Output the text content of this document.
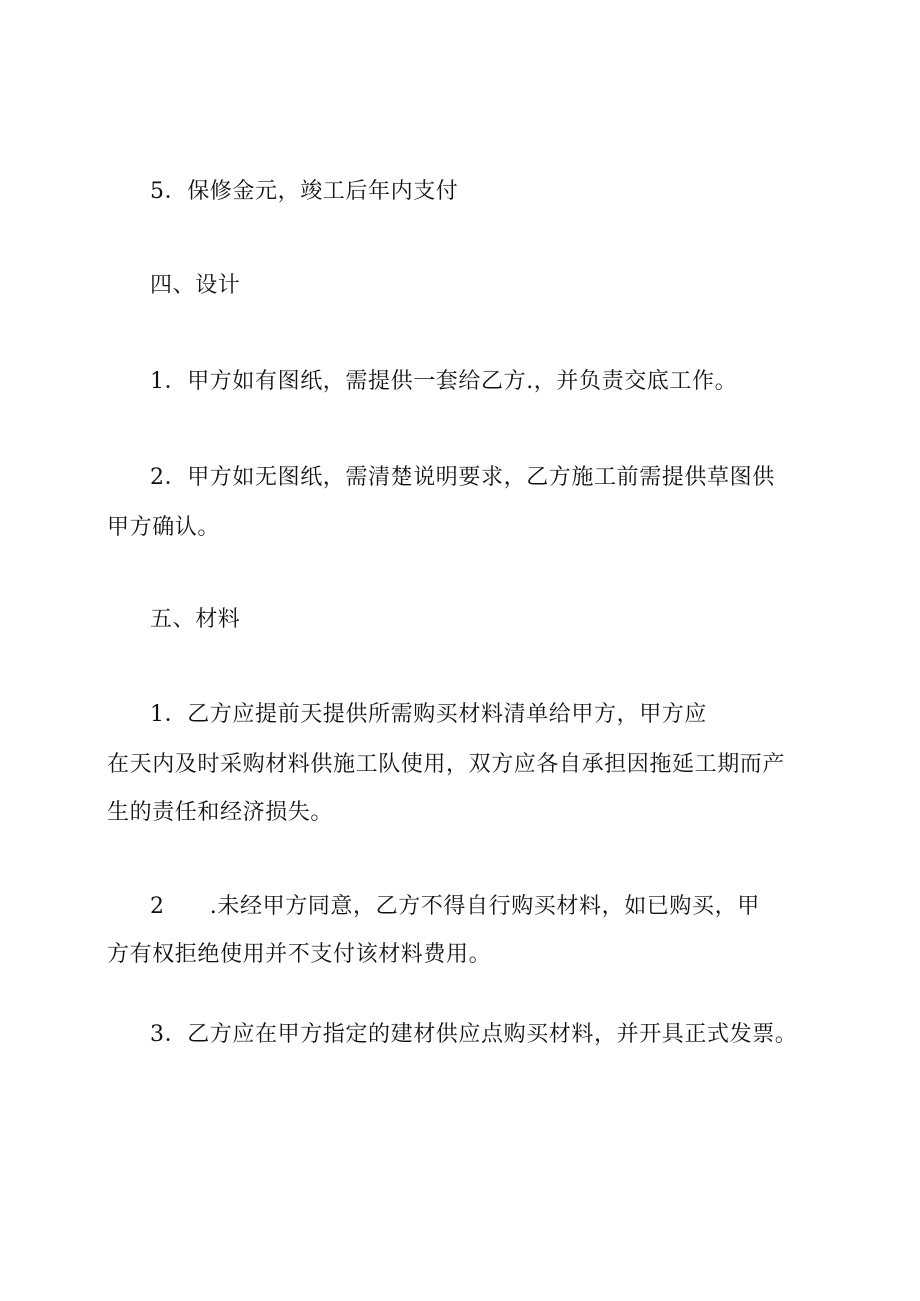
5．保修金元，竣工后年内支付
四、设计
1．甲方如有图纸，需提供一套给乙方.，并负责交底工作。
2．甲方如无图纸，需清楚说明要求，乙方施工前需提供草图供
甲方确认。
五、材料
1．乙方应提前天提供所需购买材料清单给甲方，甲方应
在天内及时采购材料供施工队使用，双方应各自承担因拖延工期而产
生的责任和经济损失。
2　　.未经甲方同意，乙方不得自行购买材料，如已购买，甲
方有权拒绝使用并不支付该材料费用。
3．乙方应在甲方指定的建材供应点购买材料，并开具正式发票。
